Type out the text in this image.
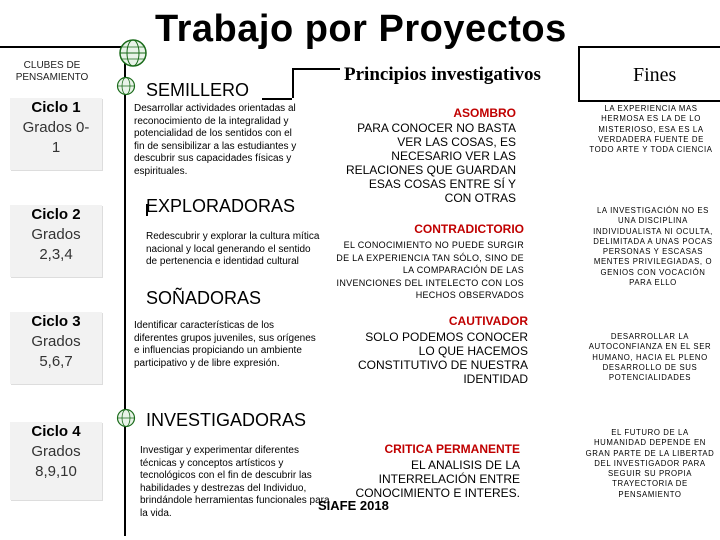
Trabajo por Proyectos
CLUBES DE PENSAMIENTO
Ciclo 1
Grados 0-1
Ciclo 2
Grados 2,3,4
Ciclo 3
Grados 5,6,7
Ciclo 4
Grados 8,9,10
Principios investigativos	Fines
SEMILLERO
Desarrollar actividades orientadas al reconocimiento de la integralidad y potencialidad de los sentidos con el fin de sensibilizar a las estudiantes y descubrir sus capacidades físicas y espirituales.
EXPLORADORAS
Redescubrir y explorar la cultura mítica nacional y local generando el sentido de pertenencia e identidad cultural
SOÑADORAS
Identificar características de los diferentes grupos juveniles, sus orígenes e influencias propiciando un ambiente participativo y de libre expresión.
INVESTIGADORAS
Investigar y experimentar diferentes técnicas y conceptos artísticos y tecnológicos con el fin de descubrir las habilidades y destrezas del Individuo, brindándole herramientas funcionales para la vida.
ASOMBRO
PARA CONOCER NO BASTA VER LAS COSAS, ES NECESARIO VER LAS RELACIONES QUE GUARDAN ESAS COSAS ENTRE SÍ Y CON OTRAS
CONTRADICTORIO
EL CONOCIMIENTO NO PUEDE SURGIR DE LA EXPERIENCIA TAN SÓLO, SINO DE LA COMPARACIÓN DE LAS INVENCIONES DEL INTELECTO CON LOS HECHOS OBSERVADOS
CAUTIVADOR
SOLO PODEMOS CONOCER LO QUE HACEMOS CONSTITUTIVO DE NUESTRA IDENTIDAD
CRITICA PERMANENTE
EL ANALISIS DE LA INTERRELACIÓN ENTRE CONOCIMIENTO E INTERES.
LA EXPERIENCIA MAS HERMOSA ES LA DE LO MISTERIOSO, ESA ES LA VERDADERA FUENTE DE TODO ARTE Y TODA CIENCIA
LA INVESTIGACIÓN NO ES UNA DISCIPLINA INDIVIDUALISTA NI OCULTA, DELIMITADA A UNAS POCAS PERSONAS Y ESCASAS MENTES PRIVILEGIADAS, O GENIOS CON VOCACIÓN PARA ELLO
DESARROLLAR LA AUTOCONFIANZA EN EL SER HUMANO, HACIA EL PLENO DESARROLLO DE SUS POTENCIALIDADES
EL FUTURO DE LA HUMANIDAD DEPENDE EN GRAN PARTE DE LA LIBERTAD DEL INVESTIGADOR PARA SEGUIR SU PROPIA TRAYECTORIA DE PENSAMIENTO
SIAFE 2018
